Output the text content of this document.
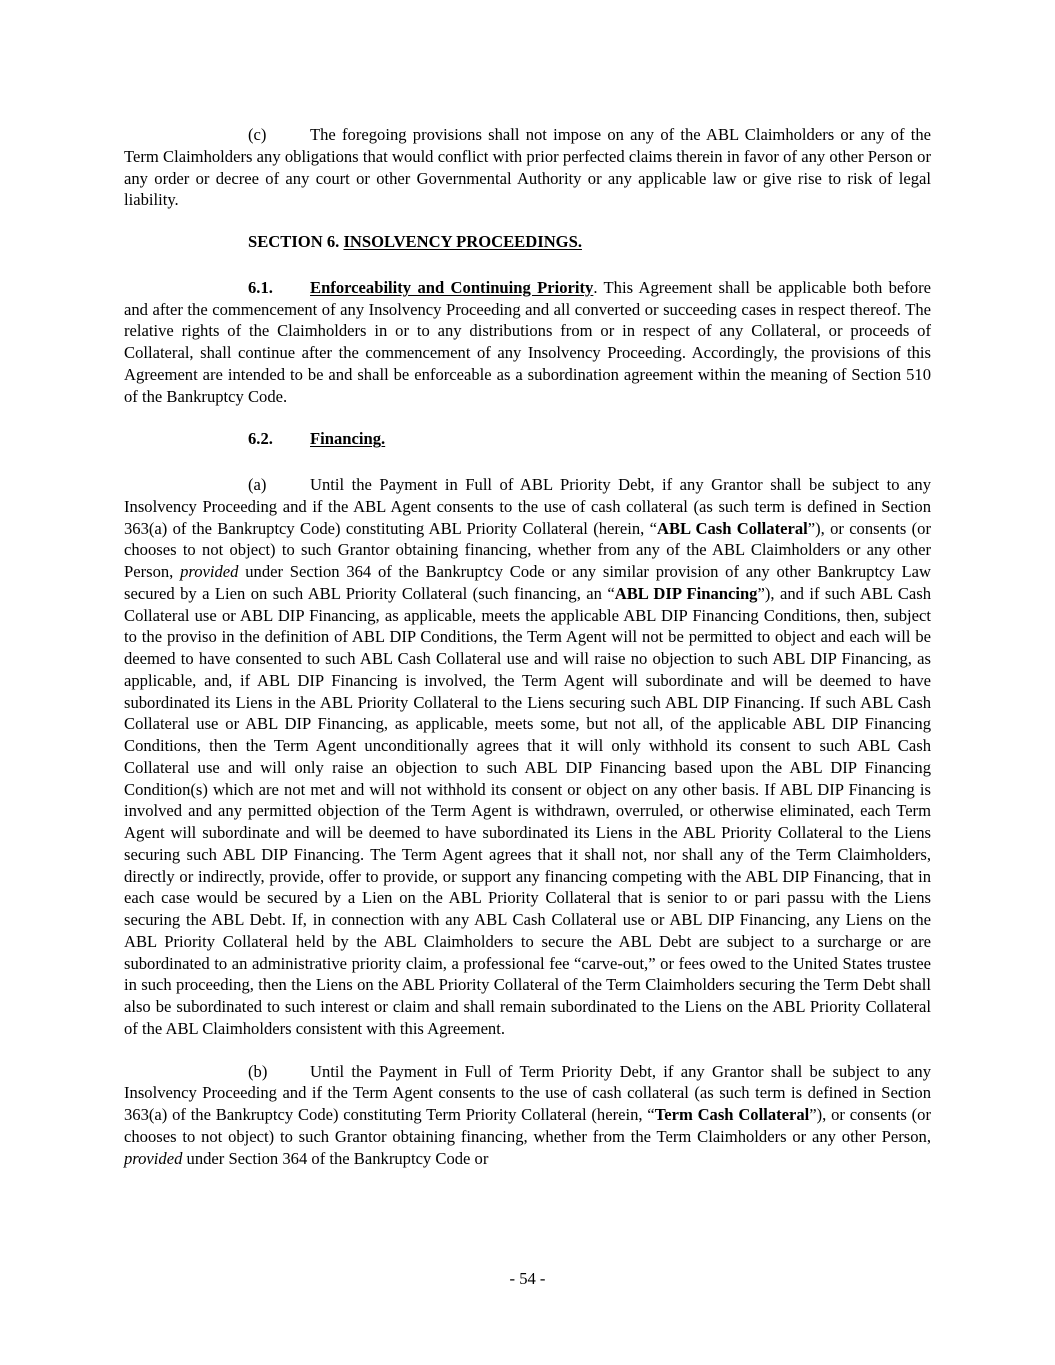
(c)	The foregoing provisions shall not impose on any of the ABL Claimholders or any of the Term Claimholders any obligations that would conflict with prior perfected claims therein in favor of any other Person or any order or decree of any court or other Governmental Authority or any applicable law or give rise to risk of legal liability.

SECTION 6. INSOLVENCY PROCEEDINGS.

6.1. Enforceability and Continuing Priority. This Agreement shall be applicable both before and after the commencement of any Insolvency Proceeding and all converted or succeeding cases in respect thereof. The relative rights of the Claimholders in or to any distributions from or in respect of any Collateral, or proceeds of Collateral, shall continue after the commencement of any Insolvency Proceeding. Accordingly, the provisions of this Agreement are intended to be and shall be enforceable as a subordination agreement within the meaning of Section 510 of the Bankruptcy Code.

6.2. Financing.

(a)	Until the Payment in Full of ABL Priority Debt, if any Grantor shall be subject to any Insolvency Proceeding and if the ABL Agent consents to the use of cash collateral (as such term is defined in Section 363(a) of the Bankruptcy Code) constituting ABL Priority Collateral (herein, “ABL Cash Collateral”), or consents (or chooses to not object) to such Grantor obtaining financing, whether from any of the ABL Claimholders or any other Person, provided under Section 364 of the Bankruptcy Code or any similar provision of any other Bankruptcy Law secured by a Lien on such ABL Priority Collateral (such financing, an “ABL DIP Financing”), and if such ABL Cash Collateral use or ABL DIP Financing, as applicable, meets the applicable ABL DIP Financing Conditions, then, subject to the proviso in the definition of ABL DIP Conditions, the Term Agent will not be permitted to object and each will be deemed to have consented to such ABL Cash Collateral use and will raise no objection to such ABL DIP Financing, as applicable, and, if ABL DIP Financing is involved, the Term Agent will subordinate and will be deemed to have subordinated its Liens in the ABL Priority Collateral to the Liens securing such ABL DIP Financing. If such ABL Cash Collateral use or ABL DIP Financing, as applicable, meets some, but not all, of the applicable ABL DIP Financing Conditions, then the Term Agent unconditionally agrees that it will only withhold its consent to such ABL Cash Collateral use and will only raise an objection to such ABL DIP Financing based upon the ABL DIP Financing Condition(s) which are not met and will not withhold its consent or object on any other basis. If ABL DIP Financing is involved and any permitted objection of the Term Agent is withdrawn, overruled, or otherwise eliminated, each Term Agent will subordinate and will be deemed to have subordinated its Liens in the ABL Priority Collateral to the Liens securing such ABL DIP Financing. The Term Agent agrees that it shall not, nor shall any of the Term Claimholders, directly or indirectly, provide, offer to provide, or support any financing competing with the ABL DIP Financing, that in each case would be secured by a Lien on the ABL Priority Collateral that is senior to or pari passu with the Liens securing the ABL Debt. If, in connection with any ABL Cash Collateral use or ABL DIP Financing, any Liens on the ABL Priority Collateral held by the ABL Claimholders to secure the ABL Debt are subject to a surcharge or are subordinated to an administrative priority claim, a professional fee “carve-out,” or fees owed to the United States trustee in such proceeding, then the Liens on the ABL Priority Collateral of the Term Claimholders securing the Term Debt shall also be subordinated to such interest or claim and shall remain subordinated to the Liens on the ABL Priority Collateral of the ABL Claimholders consistent with this Agreement.

(b)	Until the Payment in Full of Term Priority Debt, if any Grantor shall be subject to any Insolvency Proceeding and if the Term Agent consents to the use of cash collateral (as such term is defined in Section 363(a) of the Bankruptcy Code) constituting Term Priority Collateral (herein, “Term Cash Collateral”), or consents (or chooses to not object) to such Grantor obtaining financing, whether from the Term Claimholders or any other Person, provided under Section 364 of the Bankruptcy Code or

- 54 -
